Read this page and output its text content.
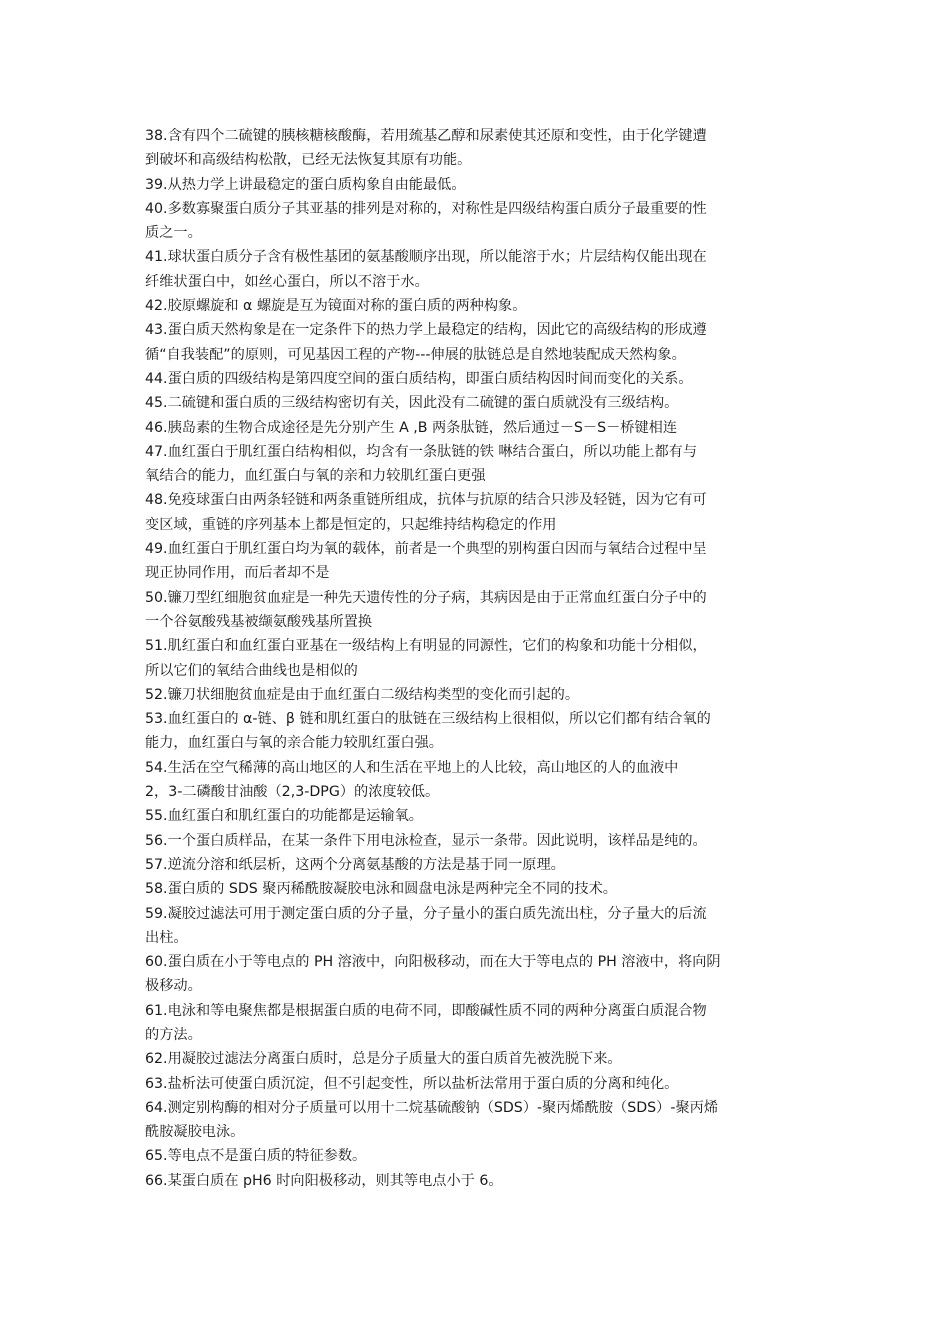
38.含有四个二硫键的胰核糖核酸酶，若用巯基乙醇和尿素使其还原和变性，由于化学键遭
到破坏和高级结构松散，已经无法恢复其原有功能。
39.从热力学上讲最稳定的蛋白质构象自由能最低。
40.多数寡聚蛋白质分子其亚基的排列是对称的，对称性是四级结构蛋白质分子最重要的性
质之一。
41.球状蛋白质分子含有极性基团的氨基酸顺序出现，所以能溶于水；片层结构仅能出现在
纤维状蛋白中，如丝心蛋白，所以不溶于水。
42.胶原螺旋和 α 螺旋是互为镜面对称的蛋白质的两种构象。
43.蛋白质天然构象是在一定条件下的热力学上最稳定的结构，因此它的高级结构的形成遵
循“自我装配”的原则，可见基因工程的产物---伸展的肽链总是自然地装配成天然构象。
44.蛋白质的四级结构是第四度空间的蛋白质结构，即蛋白质结构因时间而变化的关系。
45.二硫键和蛋白质的三级结构密切有关，因此没有二硫键的蛋白质就没有三级结构。
46.胰岛素的生物合成途径是先分别产生 A ,B 两条肽链，然后通过－S－S－桥键相连
47.血红蛋白于肌红蛋白结构相似，均含有一条肽链的铁 啉结合蛋白，所以功能上都有与
氧结合的能力，血红蛋白与氧的亲和力较肌红蛋白更强
48.免疫球蛋白由两条轻链和两条重链所组成，抗体与抗原的结合只涉及轻链，因为它有可
变区域，重链的序列基本上都是恒定的，只起维持结构稳定的作用
49.血红蛋白于肌红蛋白均为氧的载体，前者是一个典型的别构蛋白因而与氧结合过程中呈
现正协同作用，而后者却不是
50.镰刀型红细胞贫血症是一种先天遗传性的分子病，其病因是由于正常血红蛋白分子中的
一个谷氨酸残基被缬氨酸残基所置换
51.肌红蛋白和血红蛋白亚基在一级结构上有明显的同源性，它们的构象和功能十分相似，
所以它们的氧结合曲线也是相似的
52.镰刀状细胞贫血症是由于血红蛋白二级结构类型的变化而引起的。
53.血红蛋白的 α-链、β 链和肌红蛋白的肽链在三级结构上很相似，所以它们都有结合氧的
能力，血红蛋白与氧的亲合能力较肌红蛋白强。
54.生活在空气稀薄的高山地区的人和生活在平地上的人比较，高山地区的人的血液中
2，3-二磷酸甘油酸（2,3-DPG）的浓度较低。
55.血红蛋白和肌红蛋白的功能都是运输氧。
56.一个蛋白质样品，在某一条件下用电泳检查，显示一条带。因此说明，该样品是纯的。
57.逆流分溶和纸层析，这两个分离氨基酸的方法是基于同一原理。
58.蛋白质的 SDS 聚丙稀酰胺凝胶电泳和圆盘电泳是两种完全不同的技术。
59.凝胶过滤法可用于测定蛋白质的分子量，分子量小的蛋白质先流出柱，分子量大的后流
出柱。
60.蛋白质在小于等电点的 PH 溶液中，向阳极移动，而在大于等电点的 PH 溶液中，将向阴
极移动。
61.电泳和等电聚焦都是根据蛋白质的电荷不同，即酸碱性质不同的两种分离蛋白质混合物
的方法。
62.用凝胶过滤法分离蛋白质时，总是分子质量大的蛋白质首先被洗脱下来。
63.盐析法可使蛋白质沉淀，但不引起变性，所以盐析法常用于蛋白质的分离和纯化。
64.测定别构酶的相对分子质量可以用十二烷基硫酸钠（SDS）-聚丙烯酰胺（SDS）-聚丙烯
酰胺凝胶电泳。
65.等电点不是蛋白质的特征参数。
66.某蛋白质在 pH6 时向阳极移动，则其等电点小于 6。
